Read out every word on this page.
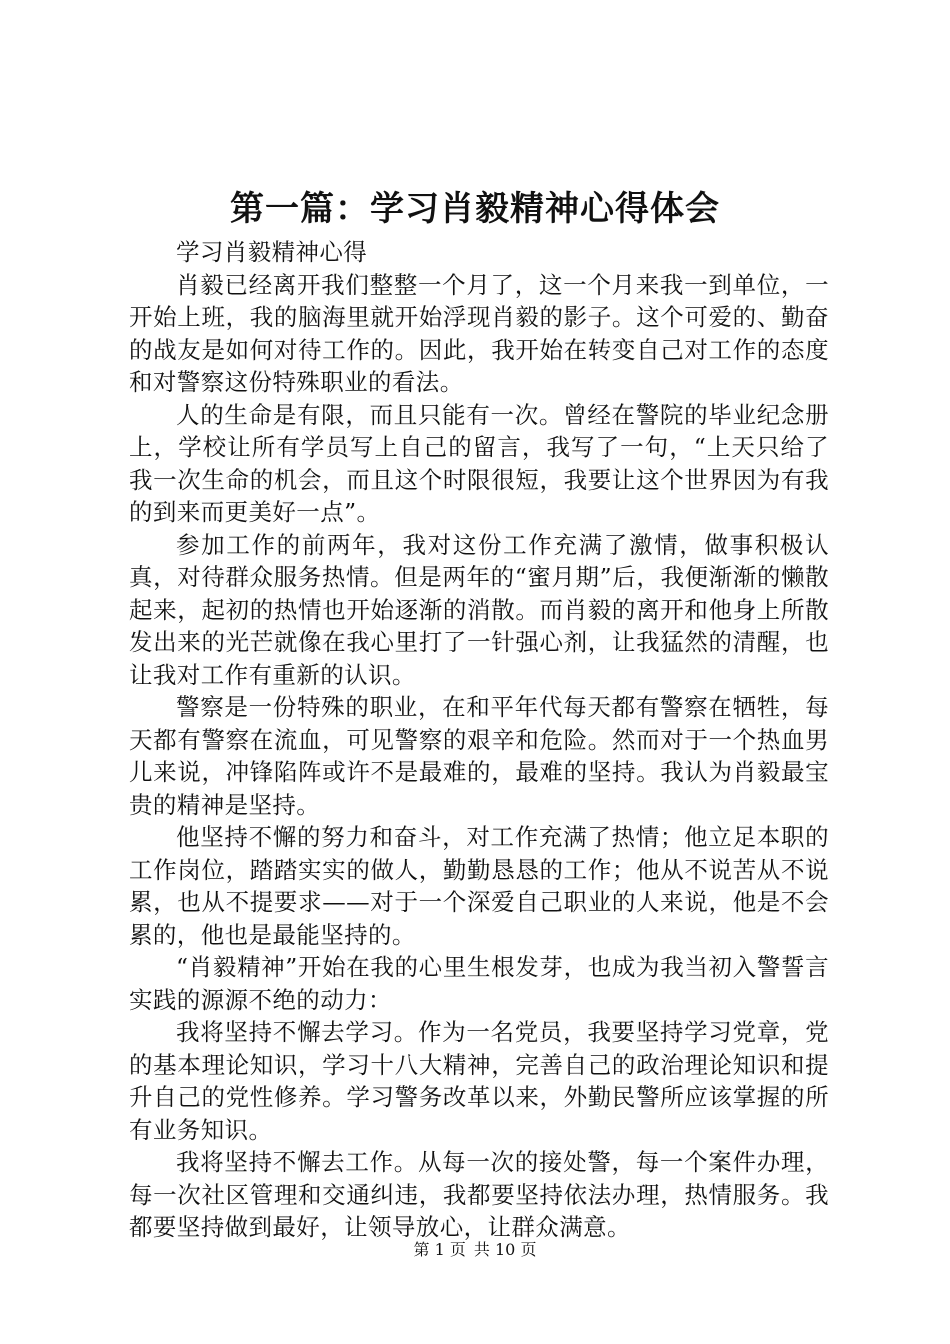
第一篇：学习肖毅精神心得体会

学习肖毅精神心得

肖毅已经离开我们整整一个月了，这一个月来我一到单位，一开始上班，我的脑海里就开始浮现肖毅的影子。这个可爱的、勤奋的战友是如何对待工作的。因此，我开始在转变自己对工作的态度和对警察这份特殊职业的看法。

人的生命是有限，而且只能有一次。曾经在警院的毕业纪念册上，学校让所有学员写上自己的留言，我写了一句，“上天只给了我一次生命的机会，而且这个时限很短，我要让这个世界因为有我的到来而更美好一点”。

参加工作的前两年，我对这份工作充满了激情，做事积极认真，对待群众服务热情。但是两年的“蜜月期”后，我便渐渐的懒散起来，起初的热情也开始逐渐的消散。而肖毅的离开和他身上所散发出来的光芒就像在我心里打了一针强心剂，让我猛然的清醒，也让我对工作有重新的认识。

警察是一份特殊的职业，在和平年代每天都有警察在牺牲，每天都有警察在流血，可见警察的艰辛和危险。然而对于一个热血男儿来说，冲锋陷阵或许不是最难的，最难的坚持。我认为肖毅最宝贵的精神是坚持。

他坚持不懈的努力和奋斗，对工作充满了热情；他立足本职的工作岗位，踏踏实实的做人，勤勤恳恳的工作；他从不说苦从不说累，也从不提要求——对于一个深爱自己职业的人来说，他是不会累的，他也是最能坚持的。

“肖毅精神”开始在我的心里生根发芽，也成为我当初入警誓言实践的源源不绝的动力：

我将坚持不懈去学习。作为一名党员，我要坚持学习党章，党的基本理论知识，学习十八大精神，完善自己的政治理论知识和提升自己的党性修养。学习警务改革以来，外勤民警所应该掌握的所有业务知识。

我将坚持不懈去工作。从每一次的接处警，每一个案件办理，每一次社区管理和交通纠违，我都要坚持依法办理，热情服务。我都要坚持做到最好，让领导放心，让群众满意。

第 1 页 共 10 页
